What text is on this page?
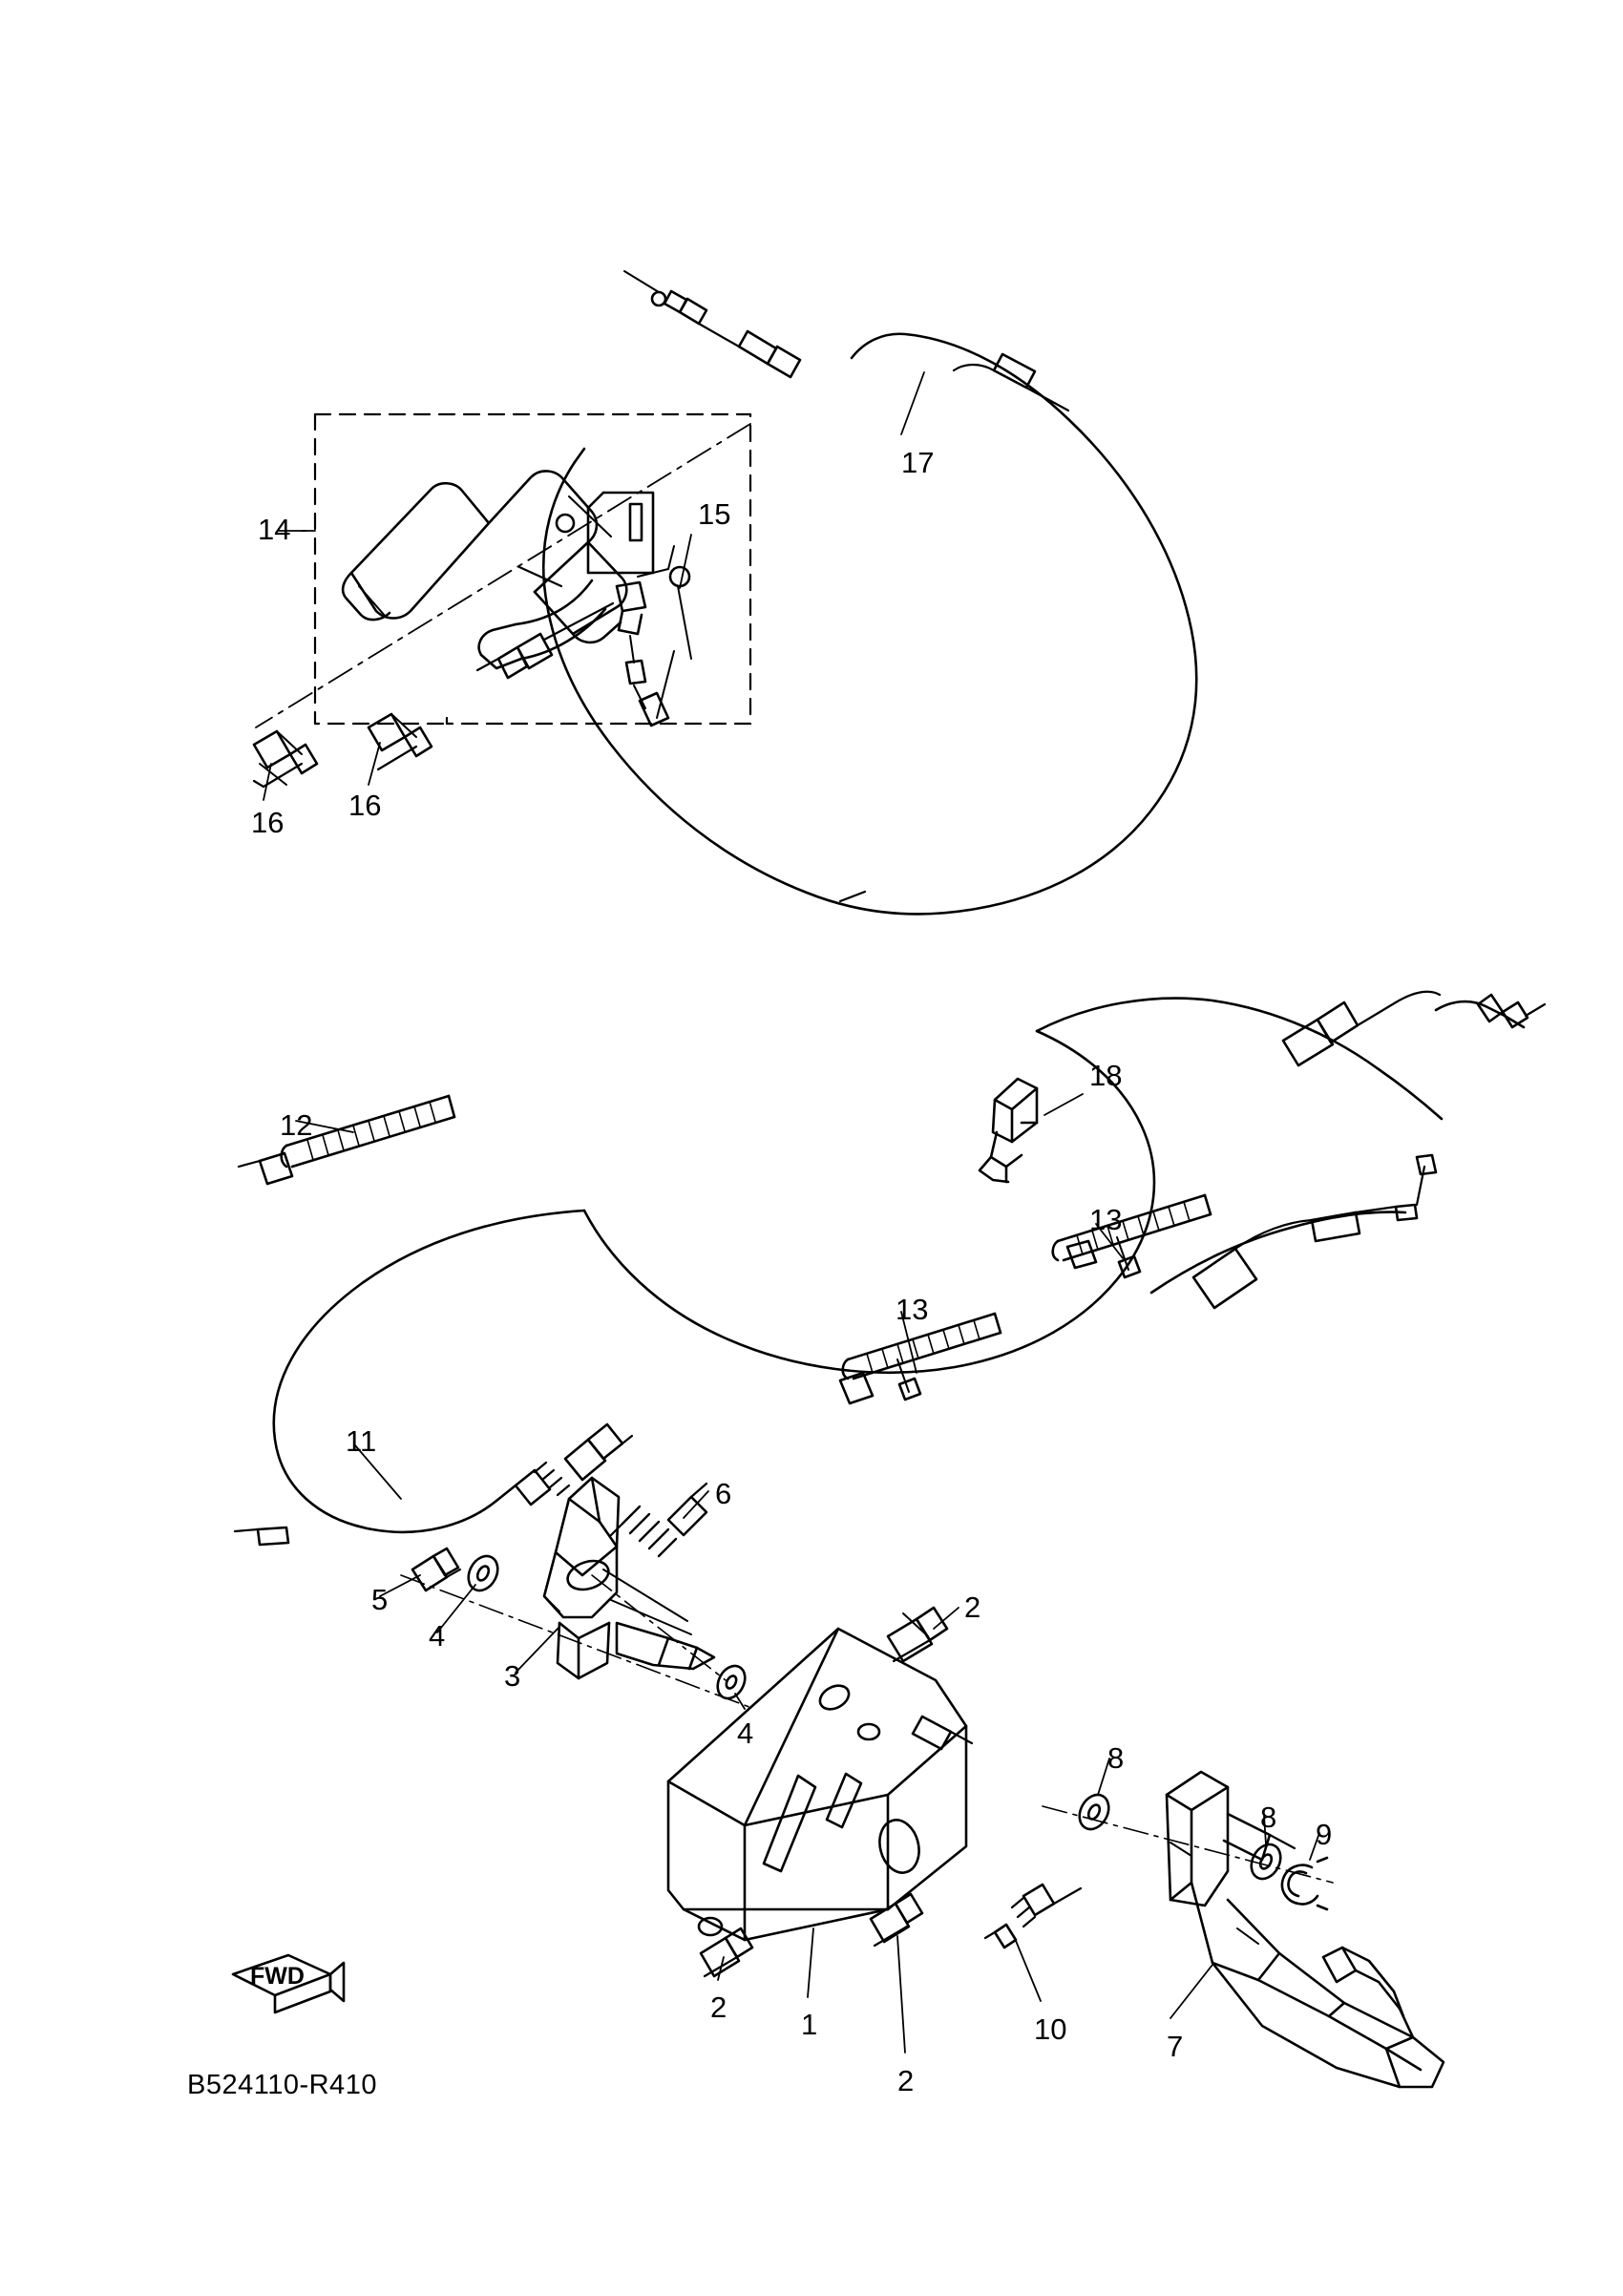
1
2
2
2
3
4
4
5
6
7
8
8
9
10
11
12
13
13
14	15
16
16
17
18
FWD
B524110-R410
